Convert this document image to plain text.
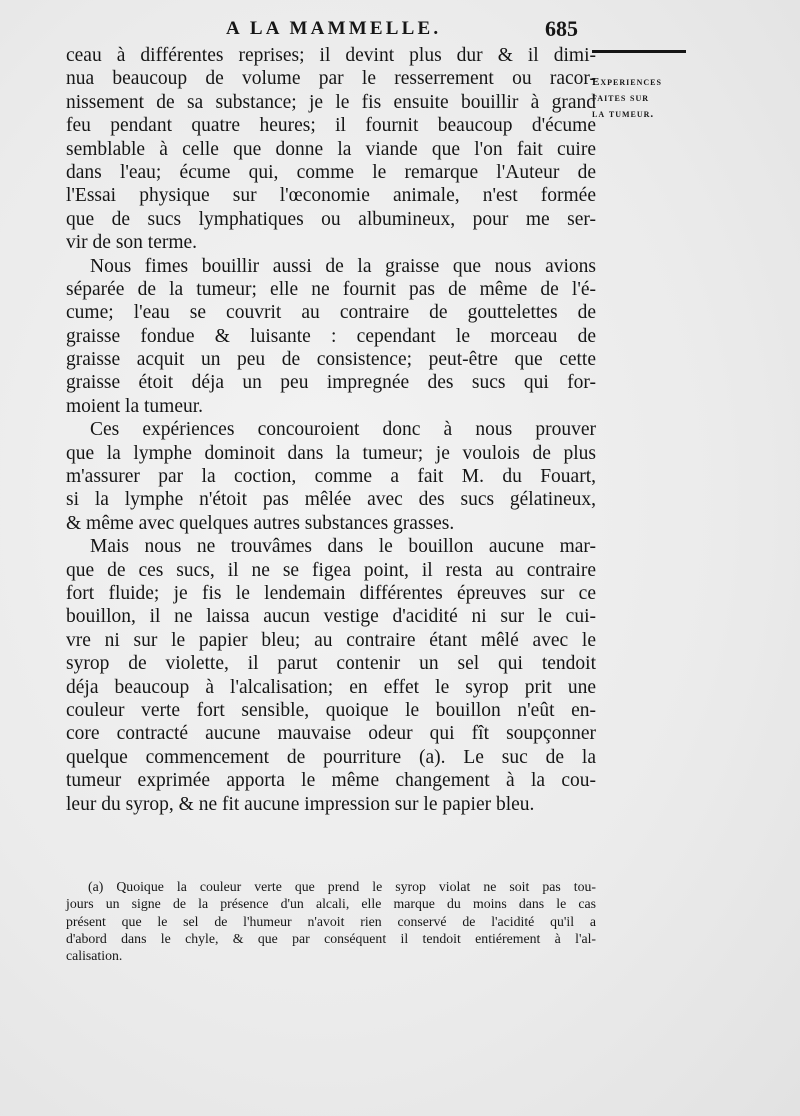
A LA MAMMELLE.	685
Experiences
faites sur
la tumeur.
ceau à différentes reprises; il devint plus dur & il dimi-
nua beaucoup de volume par le resserrement ou racor-
nissement de sa substance; je le fis ensuite bouillir à grand
feu pendant quatre heures; il fournit beaucoup d'écume
semblable à celle que donne la viande que l'on fait cuire
dans l'eau; écume qui, comme le remarque l'Auteur de
l'Essai physique sur l'œconomie animale, n'est formée
que de sucs lymphatiques ou albumineux, pour me ser-
vir de son terme.
Nous fimes bouillir aussi de la graisse que nous avions
séparée de la tumeur; elle ne fournit pas de même de l'é-
cume; l'eau se couvrit au contraire de gouttelettes de
graisse fondue & luisante : cependant le morceau de
graisse acquit un peu de consistence; peut-être que cette
graisse étoit déja un peu impregnée des sucs qui for-
moient la tumeur.
Ces expériences concouroient donc à nous prouver
que la lymphe dominoit dans la tumeur; je voulois de plus
m'assurer par la coction, comme a fait M. du Fouart,
si la lymphe n'étoit pas mêlée avec des sucs gélatineux,
& même avec quelques autres substances grasses.
Mais nous ne trouvâmes dans le bouillon aucune mar-
que de ces sucs, il ne se figea point, il resta au contraire
fort fluide; je fis le lendemain différentes épreuves sur ce
bouillon, il ne laissa aucun vestige d'acidité ni sur le cui-
vre ni sur le papier bleu; au contraire étant mêlé avec le
syrop de violette, il parut contenir un sel qui tendoit
déja beaucoup à l'alcalisation; en effet le syrop prit une
couleur verte fort sensible, quoique le bouillon n'eût en-
core contracté aucune mauvaise odeur qui fît soupçonner
quelque commencement de pourriture (a). Le suc de la
tumeur exprimée apporta le même changement à la cou-
leur du syrop, & ne fit aucune impression sur le papier bleu.
(a) Quoique la couleur verte que prend le syrop violat ne soit pas tou-
jours un signe de la présence d'un alcali, elle marque du moins dans le cas
présent que le sel de l'humeur n'avoit rien conservé de l'acidité qu'il a
d'abord dans le chyle, & que par conséquent il tendoit entiérement à l'al-
calisation.
